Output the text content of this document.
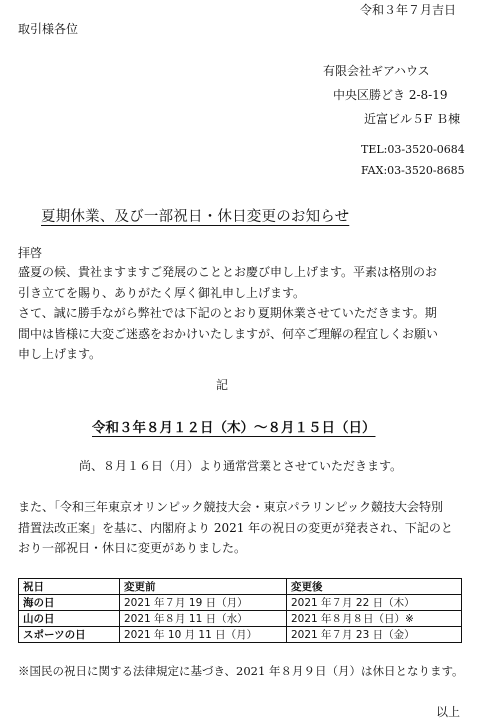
令和３年７月吉日
取引様各位
有限会社ギアハウス
中央区勝どき 2-8-19
近富ビル５F Ｂ棟
TEL:03-3520-0684
FAX:03-3520-8685
夏期休業、及び一部祝日・休日変更のお知らせ
拝啓
盛夏の候、貴社ますますご発展のこととお慶び申し上げます。平素は格別のお
引き立てを賜り、ありがたく厚く御礼申し上げます。
さて、誠に勝手ながら弊社では下記のとおり夏期休業させていただきます。期
間中は皆様に大変ご迷惑をおかけいたしますが、何卒ご理解の程宜しくお願い
申し上げます。
記
令和３年８月１２日（木）～８月１５日（日）
尚、８月１６日（月）より通常営業とさせていただきます。
また、「令和三年東京オリンピック競技大会・東京パラリンピック競技大会特別
措置法改正案」を基に、内閣府より 2021 年の祝日の変更が発表され、下記のと
おり一部祝日・休日に変更がありました。
祝日	変更前	変更後
海の日	2021 年７月 19 日（月）	2021 年７月 22 日（木）
山の日	2021 年８月 11 日（水）	2021 年８月８日（日）※
スポーツの日	2021 年 10 月 11 日（月）	2021 年７月 23 日（金）
※国民の祝日に関する法律規定に基づき、2021 年８月９日（月）は休日となります。
以上
